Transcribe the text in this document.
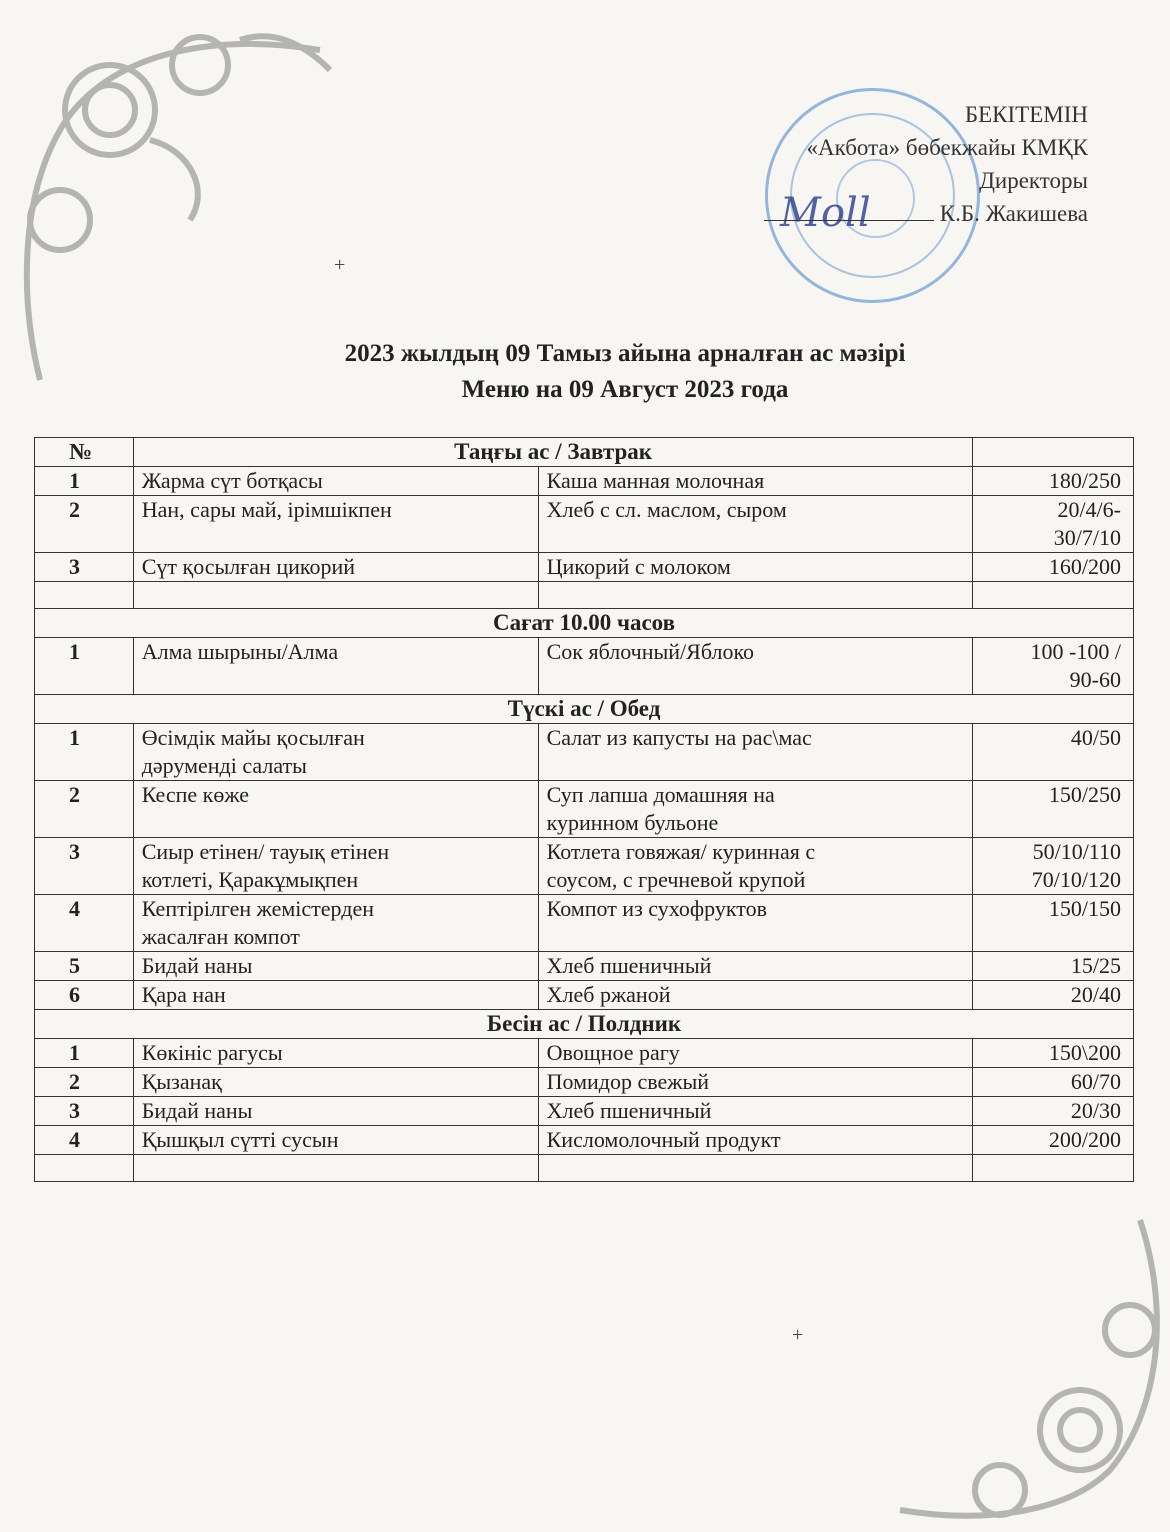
+
+
Moll
БЕКІТЕМІН
«Акбота» бөбекжайы КМҚК
Директоры
К.Б. Жакишева
2023 жылдың 09 Тамыз айына арналған ас мәзірі
Меню на 09 Август 2023 года
№	Таңғы ас / Завтрак		
1	Жарма сүт ботқасы	Каша манная молочная	180/250
2	Нан, сары май, ірімшікпен	Хлеб с сл. маслом, сыром	20/4/6-
30/7/10
3	Сүт қосылған цикорий	Цикорий с молоком	160/200

Сағат 10.00 часов			
1	Алма шырыны/Алма	Сок яблочный/Яблоко	100 -100 /
90-60
Түскі ас / Обед			
1	Өсімдік майы қосылған
дәруменді салаты	Салат из капусты на рас\мас	40/50
2	Кеспе көже	Суп лапша домашняя на
куринном бульоне	150/250
3	Сиыр етінен/ тауық етінен
котлеті, Қаракұмықпен	Котлета говяжая/ куринная с
соусом, с гречневой крупой	50/10/110
70/10/120
4	Кептірілген жемістерден
жасалған компот	Компот из сухофруктов	150/150
5	Бидай наны	Хлеб пшеничный	15/25
6	Қара нан	Хлеб ржаной	20/40
Бесін ас / Полдник			
1	Көкініс рагусы	Овощное рагу	150\200
2	Қызанақ	Помидор свежый	60/70
3	Бидай наны	Хлеб пшеничный	20/30
4	Қышқыл сүтті сусын	Кисломолочный продукт	200/200
